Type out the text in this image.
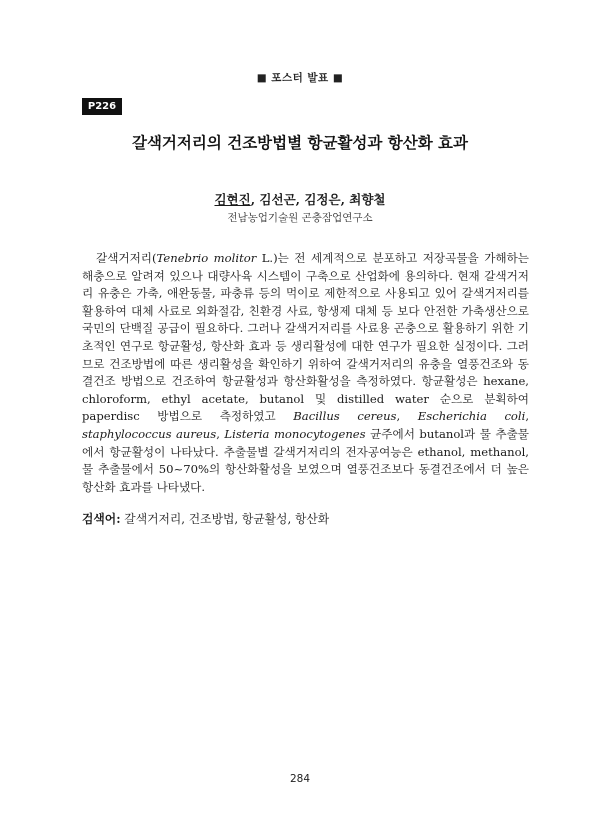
■ 포스터 발표 ■
P226
갈색거저리의 건조방법별 항균활성과 항산화 효과
김현진, 김선곤, 김정은, 최향철
전남농업기술원 곤충잠업연구소

갈색거저리(Tenebrio molitor L.)는 전 세계적으로 분포하고 저장곡물을 가해하는 해충으로 알려져 있으나 대량사육 시스템이 구축으로 산업화에 용의하다. 현재 갈색거저리 유충은 가축, 애완동물, 파충류 등의 먹이로 제한적으로 사용되고 있어 갈색거저리를 활용하여 대체 사료로 외화절감, 친환경 사료, 항생제 대체 등 보다 안전한 가축생산으로 국민의 단백질 공급이 필요하다. 그러나 갈색거저리를 사료용 곤충으로 활용하기 위한 기초적인 연구로 항균활성, 항산화 효과 등 생리활성에 대한 연구가 필요한 실정이다. 그러므로 건조방법에 따른 생리활성을 확인하기 위하여 갈색거저리의 유충을 열풍건조와 동결건조 방법으로 건조하여 항균활성과 항산화활성을 측정하였다. 항균활성은 hexane, chloroform, ethyl acetate, butanol 및 distilled water 순으로 분획하여 paperdisc 방법으로 측정하였고 Bacillus cereus, Escherichia coli, staphylococcus aureus, Listeria monocytogenes 균주에서 butanol과 물 추출물에서 항균활성이 나타났다. 추출물별 갈색거저리의 전자공여능은 ethanol, methanol, 물 추출물에서 50~70%의 항산화활성을 보였으며 열풍건조보다 동결건조에서 더 높은 항산화 효과를 나타냈다.

검색어: 갈색거저리, 건조방법, 항균활성, 항산화
284
